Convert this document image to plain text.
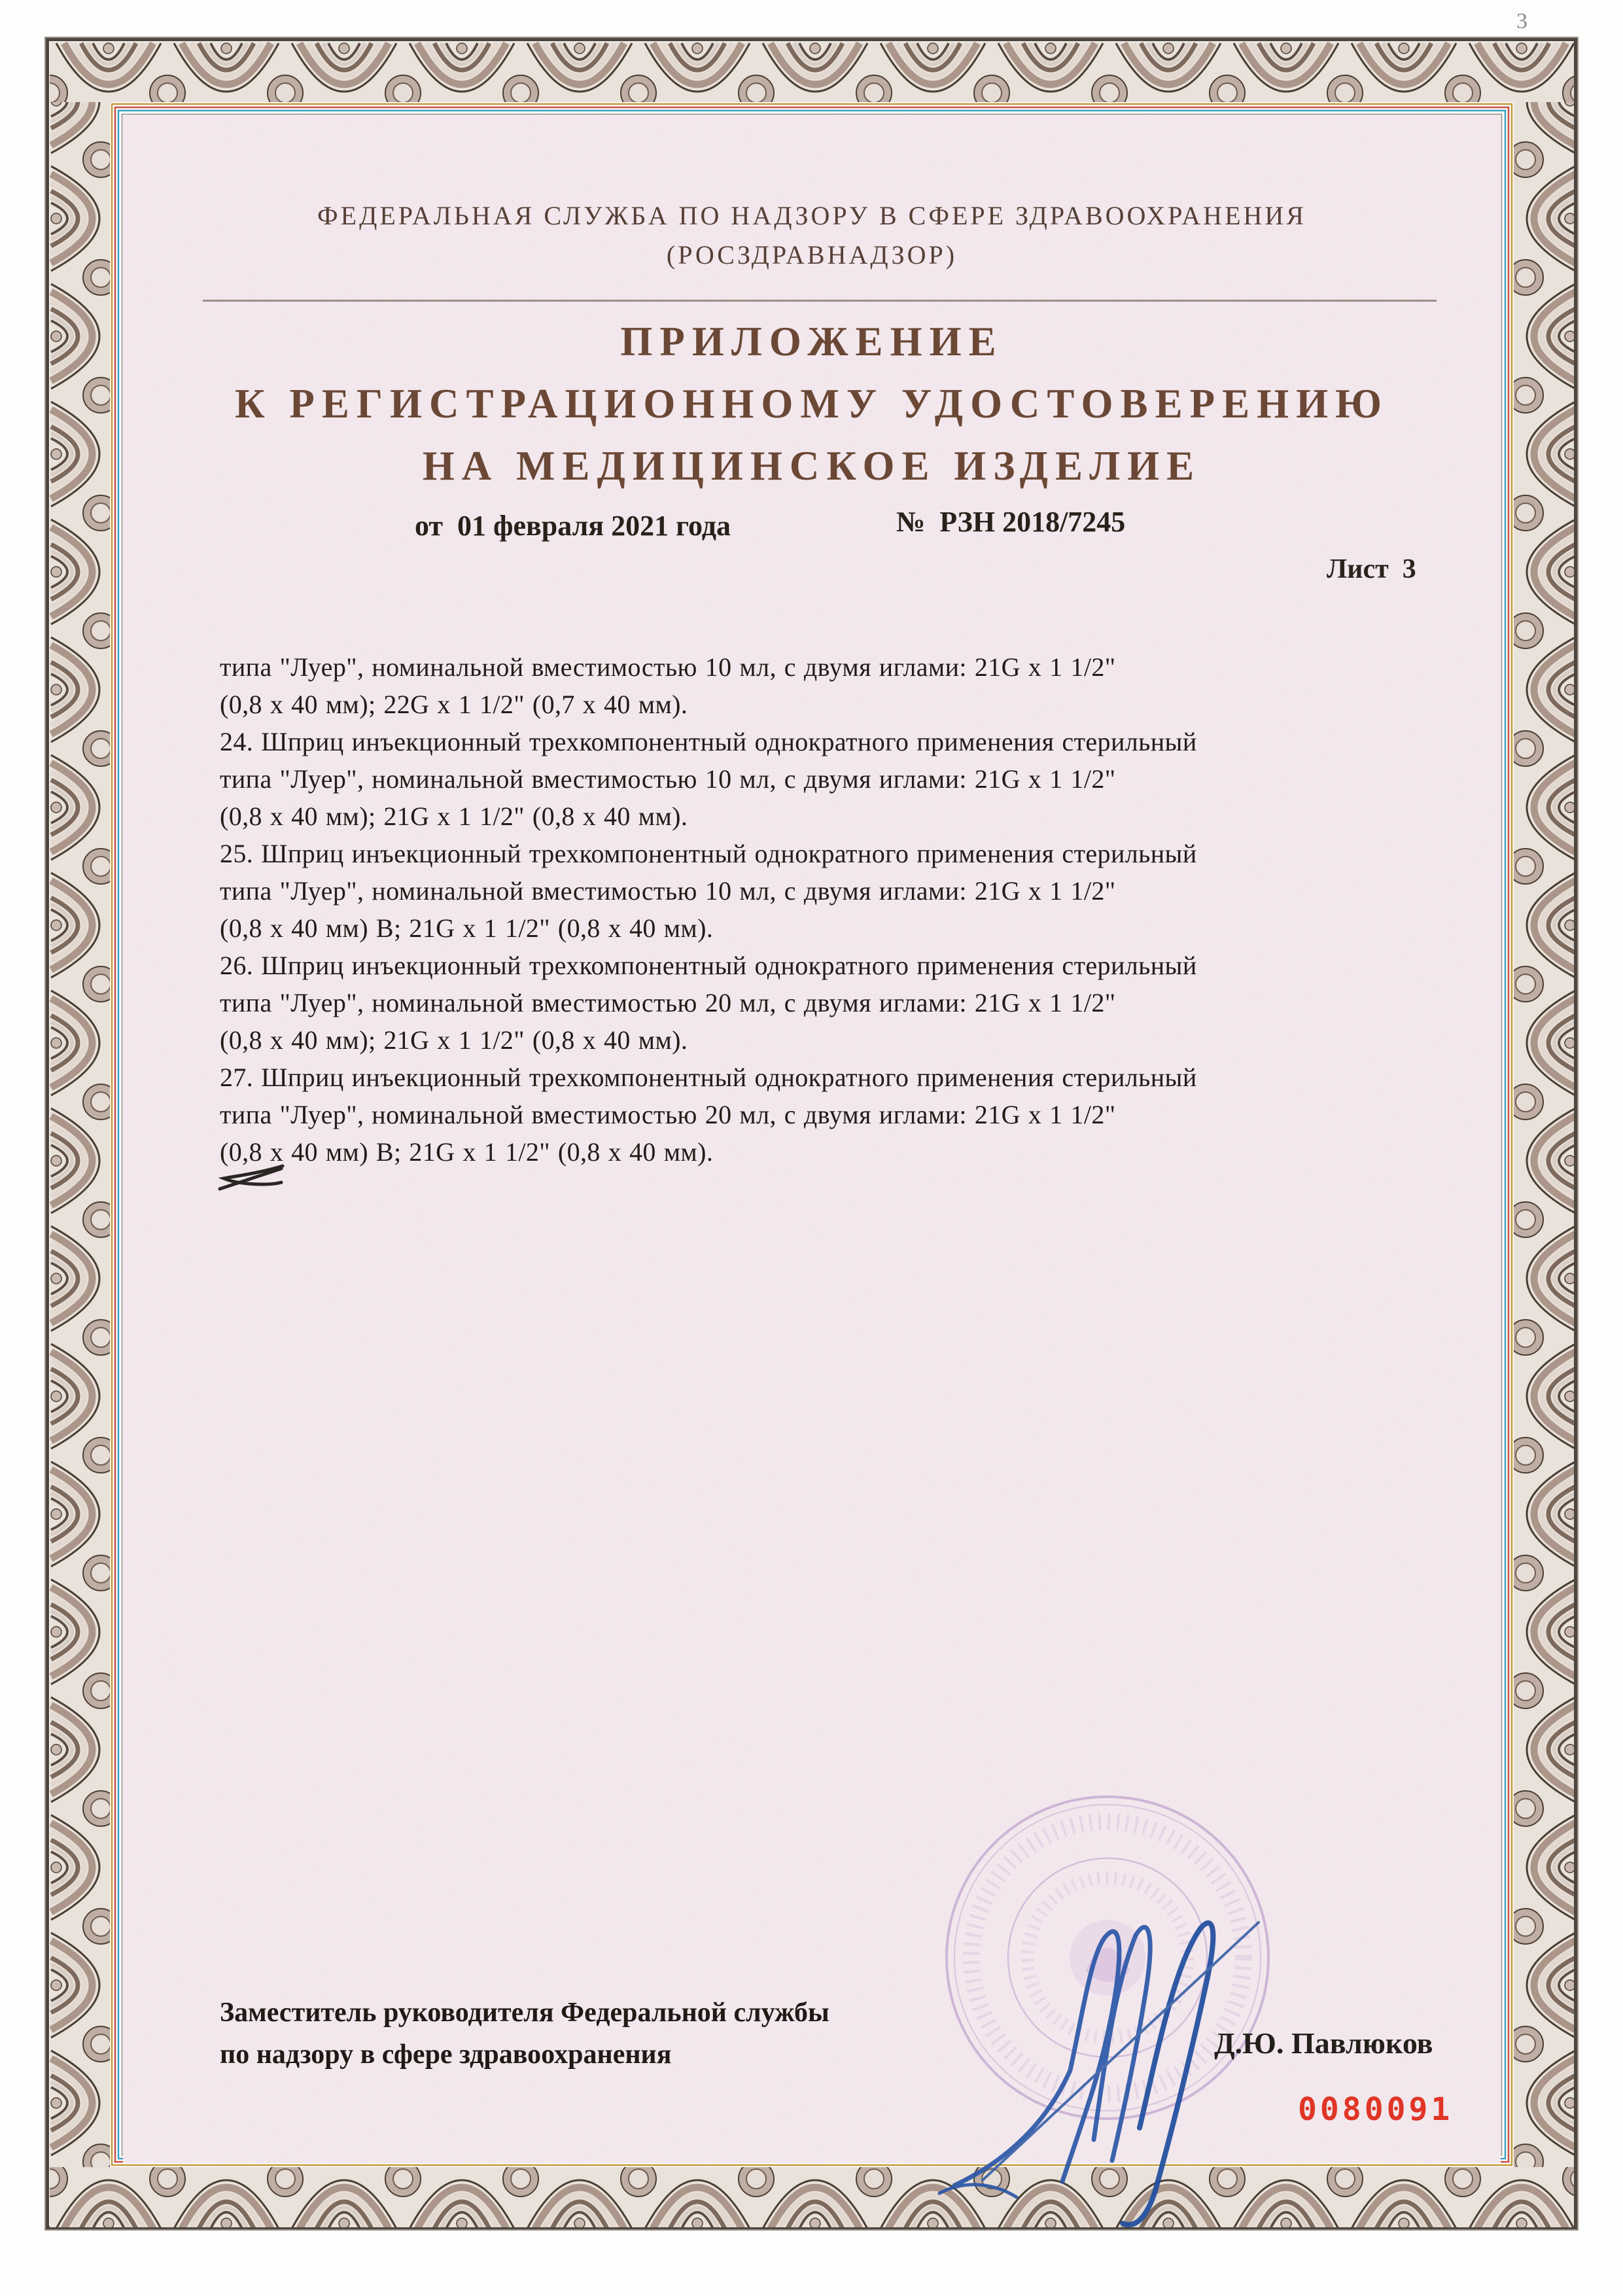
3
ФЕДЕРАЛЬНАЯ СЛУЖБА ПО НАДЗОРУ В СФЕРЕ ЗДРАВООХРАНЕНИЯ
(РОСЗДРАВНАДЗОР)
ПРИЛОЖЕНИЕ
К РЕГИСТРАЦИОННОМУ УДОСТОВЕРЕНИЮ
НА МЕДИЦИНСКОЕ ИЗДЕЛИЕ
от  01 февраля 2021 года	№  РЗН 2018/7245
Лист  3
типа "Луер", номинальной вместимостью 10 мл, с двумя иглами: 21G x 1 1/2"
(0,8 x 40 мм); 22G x 1 1/2" (0,7 x 40 мм).
24. Шприц инъекционный трехкомпонентный однократного применения стерильный
типа "Луер", номинальной вместимостью 10 мл, с двумя иглами: 21G x 1 1/2"
(0,8 x 40 мм); 21G x 1 1/2" (0,8 x 40 мм).
25. Шприц инъекционный трехкомпонентный однократного применения стерильный
типа "Луер", номинальной вместимостью 10 мл, с двумя иглами: 21G x 1 1/2"
(0,8 x 40 мм) B; 21G x 1 1/2" (0,8 x 40 мм).
26. Шприц инъекционный трехкомпонентный однократного применения стерильный
типа "Луер", номинальной вместимостью 20 мл, с двумя иглами: 21G x 1 1/2"
(0,8 x 40 мм); 21G x 1 1/2" (0,8 x 40 мм).
27. Шприц инъекционный трехкомпонентный однократного применения стерильный
типа "Луер", номинальной вместимостью 20 мл, с двумя иглами: 21G x 1 1/2"
(0,8 x 40 мм) B; 21G x 1 1/2" (0,8 x 40 мм).
Заместитель руководителя Федеральной службы
по надзору в сфере здравоохранения	Д.Ю. Павлюков
0080091
